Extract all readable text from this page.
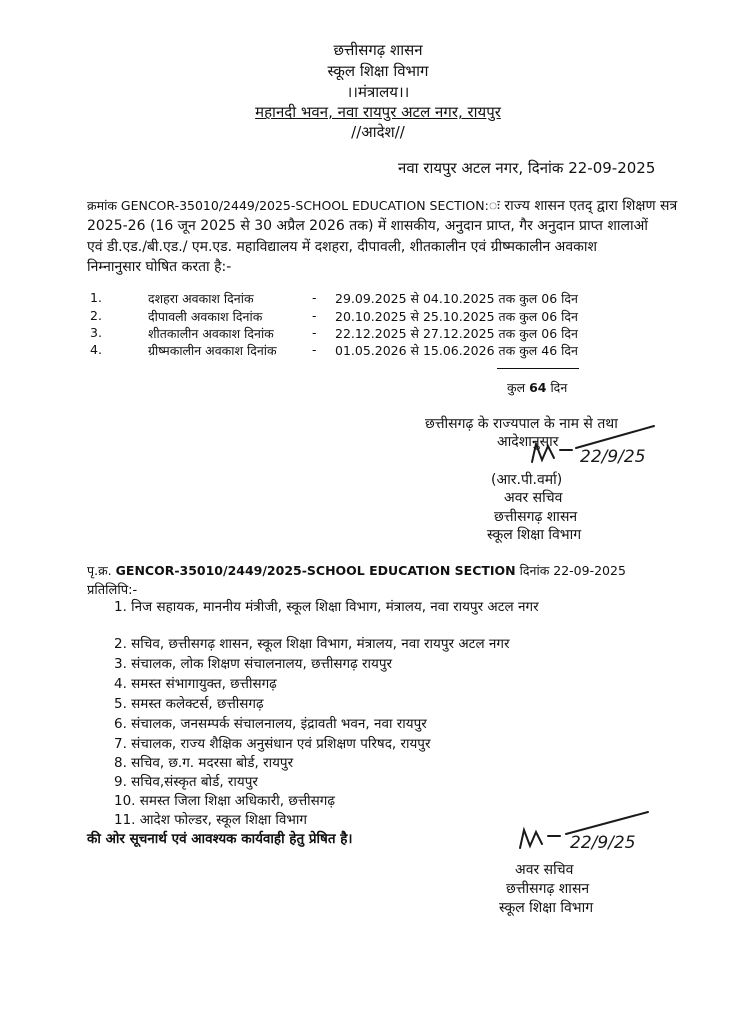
छत्तीसगढ़ शासन
स्कूल शिक्षा विभाग
।।मंत्रालय।।
महानदी भवन, नवा रायपुर अटल नगर, रायपुर
//आदेश//
नवा रायपुर अटल नगर, दिनांक 22-09-2025
क्रमांक GENCOR-35010/2449/2025-SCHOOL EDUCATION SECTION:ः राज्य शासन एतद् द्वारा शिक्षण सत्र
2025-26 (16 जून 2025 से 30 अप्रैल 2026 तक) में शासकीय, अनुदान प्राप्त, गैर अनुदान प्राप्त शालाओं
एवं डी.एड./बी.एड./ एम.एड. महाविद्यालय में दशहरा, दीपावली, शीतकालीन एवं ग्रीष्मकालीन अवकाश
निम्नानुसार घोषित करता है:-
1.	दशहरा अवकाश दिनांक	- 29.09.2025 से 04.10.2025 तक कुल 06 दिन
2.	दीपावली अवकाश दिनांक	- 20.10.2025 से 25.10.2025 तक कुल 06 दिन
3.	शीतकालीन अवकाश दिनांक	- 22.12.2025 से 27.12.2025 तक कुल 06 दिन
4.	ग्रीष्मकालीन अवकाश दिनांक	- 01.05.2026 से 15.06.2026 तक कुल 46 दिन
कुल 64 दिन
छत्तीसगढ़ के राज्यपाल के नाम से तथा
आदेशानुसार
22/9/25
(आर.पी.वर्मा)
अवर सचिव
छत्तीसगढ़ शासन
स्कूल शिक्षा विभाग
पृ.क्र. GENCOR-35010/2449/2025-SCHOOL EDUCATION SECTION दिनांक 22-09-2025
प्रतिलिपि:-
1. निज सहायक, माननीय मंत्रीजी, स्कूल शिक्षा विभाग, मंत्रालय, नवा रायपुर अटल नगर
2. सचिव, छत्तीसगढ़ शासन, स्कूल शिक्षा विभाग, मंत्रालय, नवा रायपुर अटल नगर
3. संचालक, लोक शिक्षण संचालनालय, छत्तीसगढ़ रायपुर
4. समस्त संभागायुक्त, छत्तीसगढ़
5. समस्त कलेक्टर्स, छत्तीसगढ़
6. संचालक, जनसम्पर्क संचालनालय, इंद्रावती भवन, नवा रायपुर
7. संचालक, राज्य शैक्षिक अनुसंधान एवं प्रशिक्षण परिषद, रायपुर
8. सचिव, छ.ग. मदरसा बोर्ड, रायपुर
9. सचिव,संस्कृत बोर्ड, रायपुर
10. समस्त जिला शिक्षा अधिकारी, छत्तीसगढ़
11. आदेश फोल्डर, स्कूल शिक्षा विभाग
की ओर सूचनार्थ एवं आवश्यक कार्यवाही हेतु प्रेषित है।	22/9/25
अवर सचिव
छत्तीसगढ़ शासन
स्कूल शिक्षा विभाग
